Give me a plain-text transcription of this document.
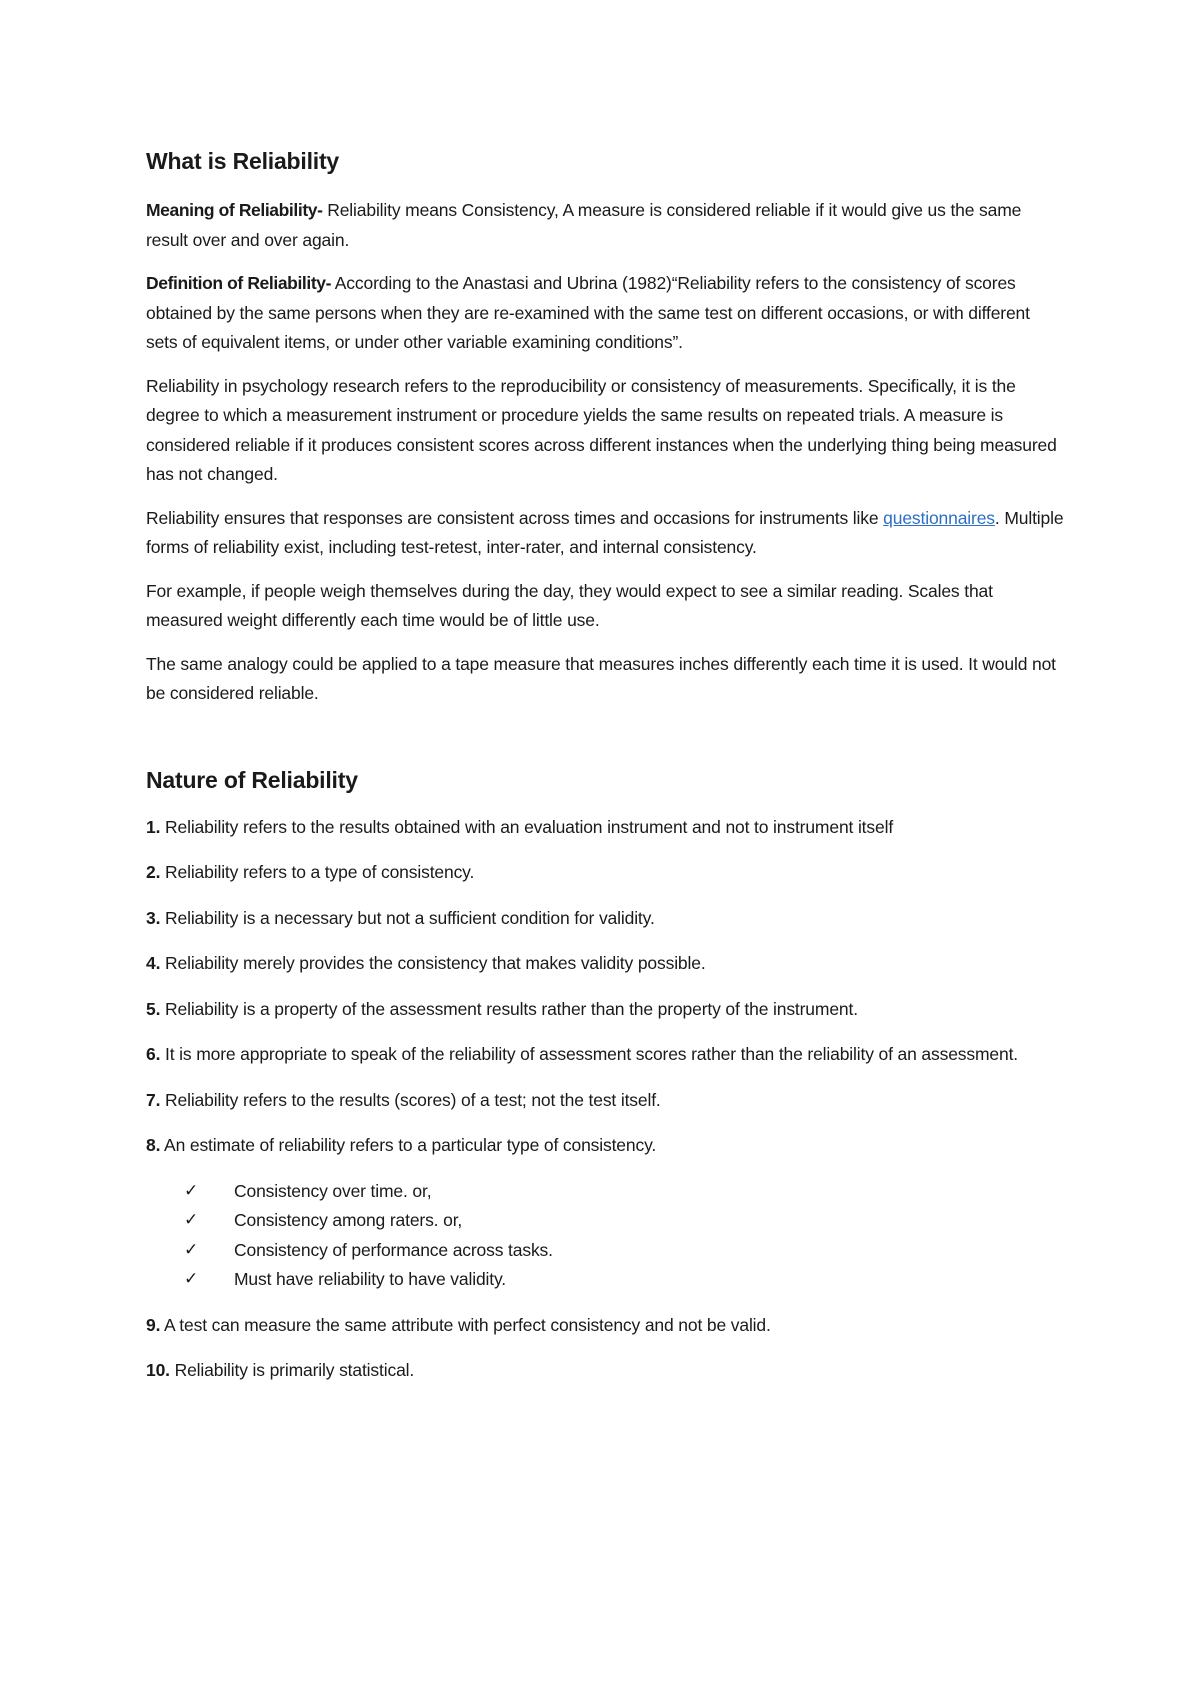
What is Reliability

Meaning of Reliability- Reliability means Consistency, A measure is considered reliable if it would give us the same result over and over again.

Definition of Reliability- According to the Anastasi and Ubrina (1982)“Reliability refers to the consistency of scores obtained by the same persons when they are re-examined with the same test on different occasions, or with different sets of equivalent items, or under other variable examining conditions”.

Reliability in psychology research refers to the reproducibility or consistency of measurements. Specifically, it is the degree to which a measurement instrument or procedure yields the same results on repeated trials. A measure is considered reliable if it produces consistent scores across different instances when the underlying thing being measured has not changed.

Reliability ensures that responses are consistent across times and occasions for instruments like questionnaires. Multiple forms of reliability exist, including test-retest, inter-rater, and internal consistency.

For example, if people weigh themselves during the day, they would expect to see a similar reading. Scales that measured weight differently each time would be of little use.

The same analogy could be applied to a tape measure that measures inches differently each time it is used. It would not be considered reliable.

Nature of Reliability

1. Reliability refers to the results obtained with an evaluation instrument and not to instrument itself

2. Reliability refers to a type of consistency.

3. Reliability is a necessary but not a sufficient condition for validity.

4. Reliability merely provides the consistency that makes validity possible.

5. Reliability is a property of the assessment results rather than the property of the instrument.

6. It is more appropriate to speak of the reliability of assessment scores rather than the reliability of an assessment.

7. Reliability refers to the results (scores) of a test; not the test itself.

8. An estimate of reliability refers to a particular type of consistency.

✓ Consistency over time. or,
✓ Consistency among raters. or,
✓ Consistency of performance across tasks.
✓ Must have reliability to have validity.

9. A test can measure the same attribute with perfect consistency and not be valid.

10. Reliability is primarily statistical.
